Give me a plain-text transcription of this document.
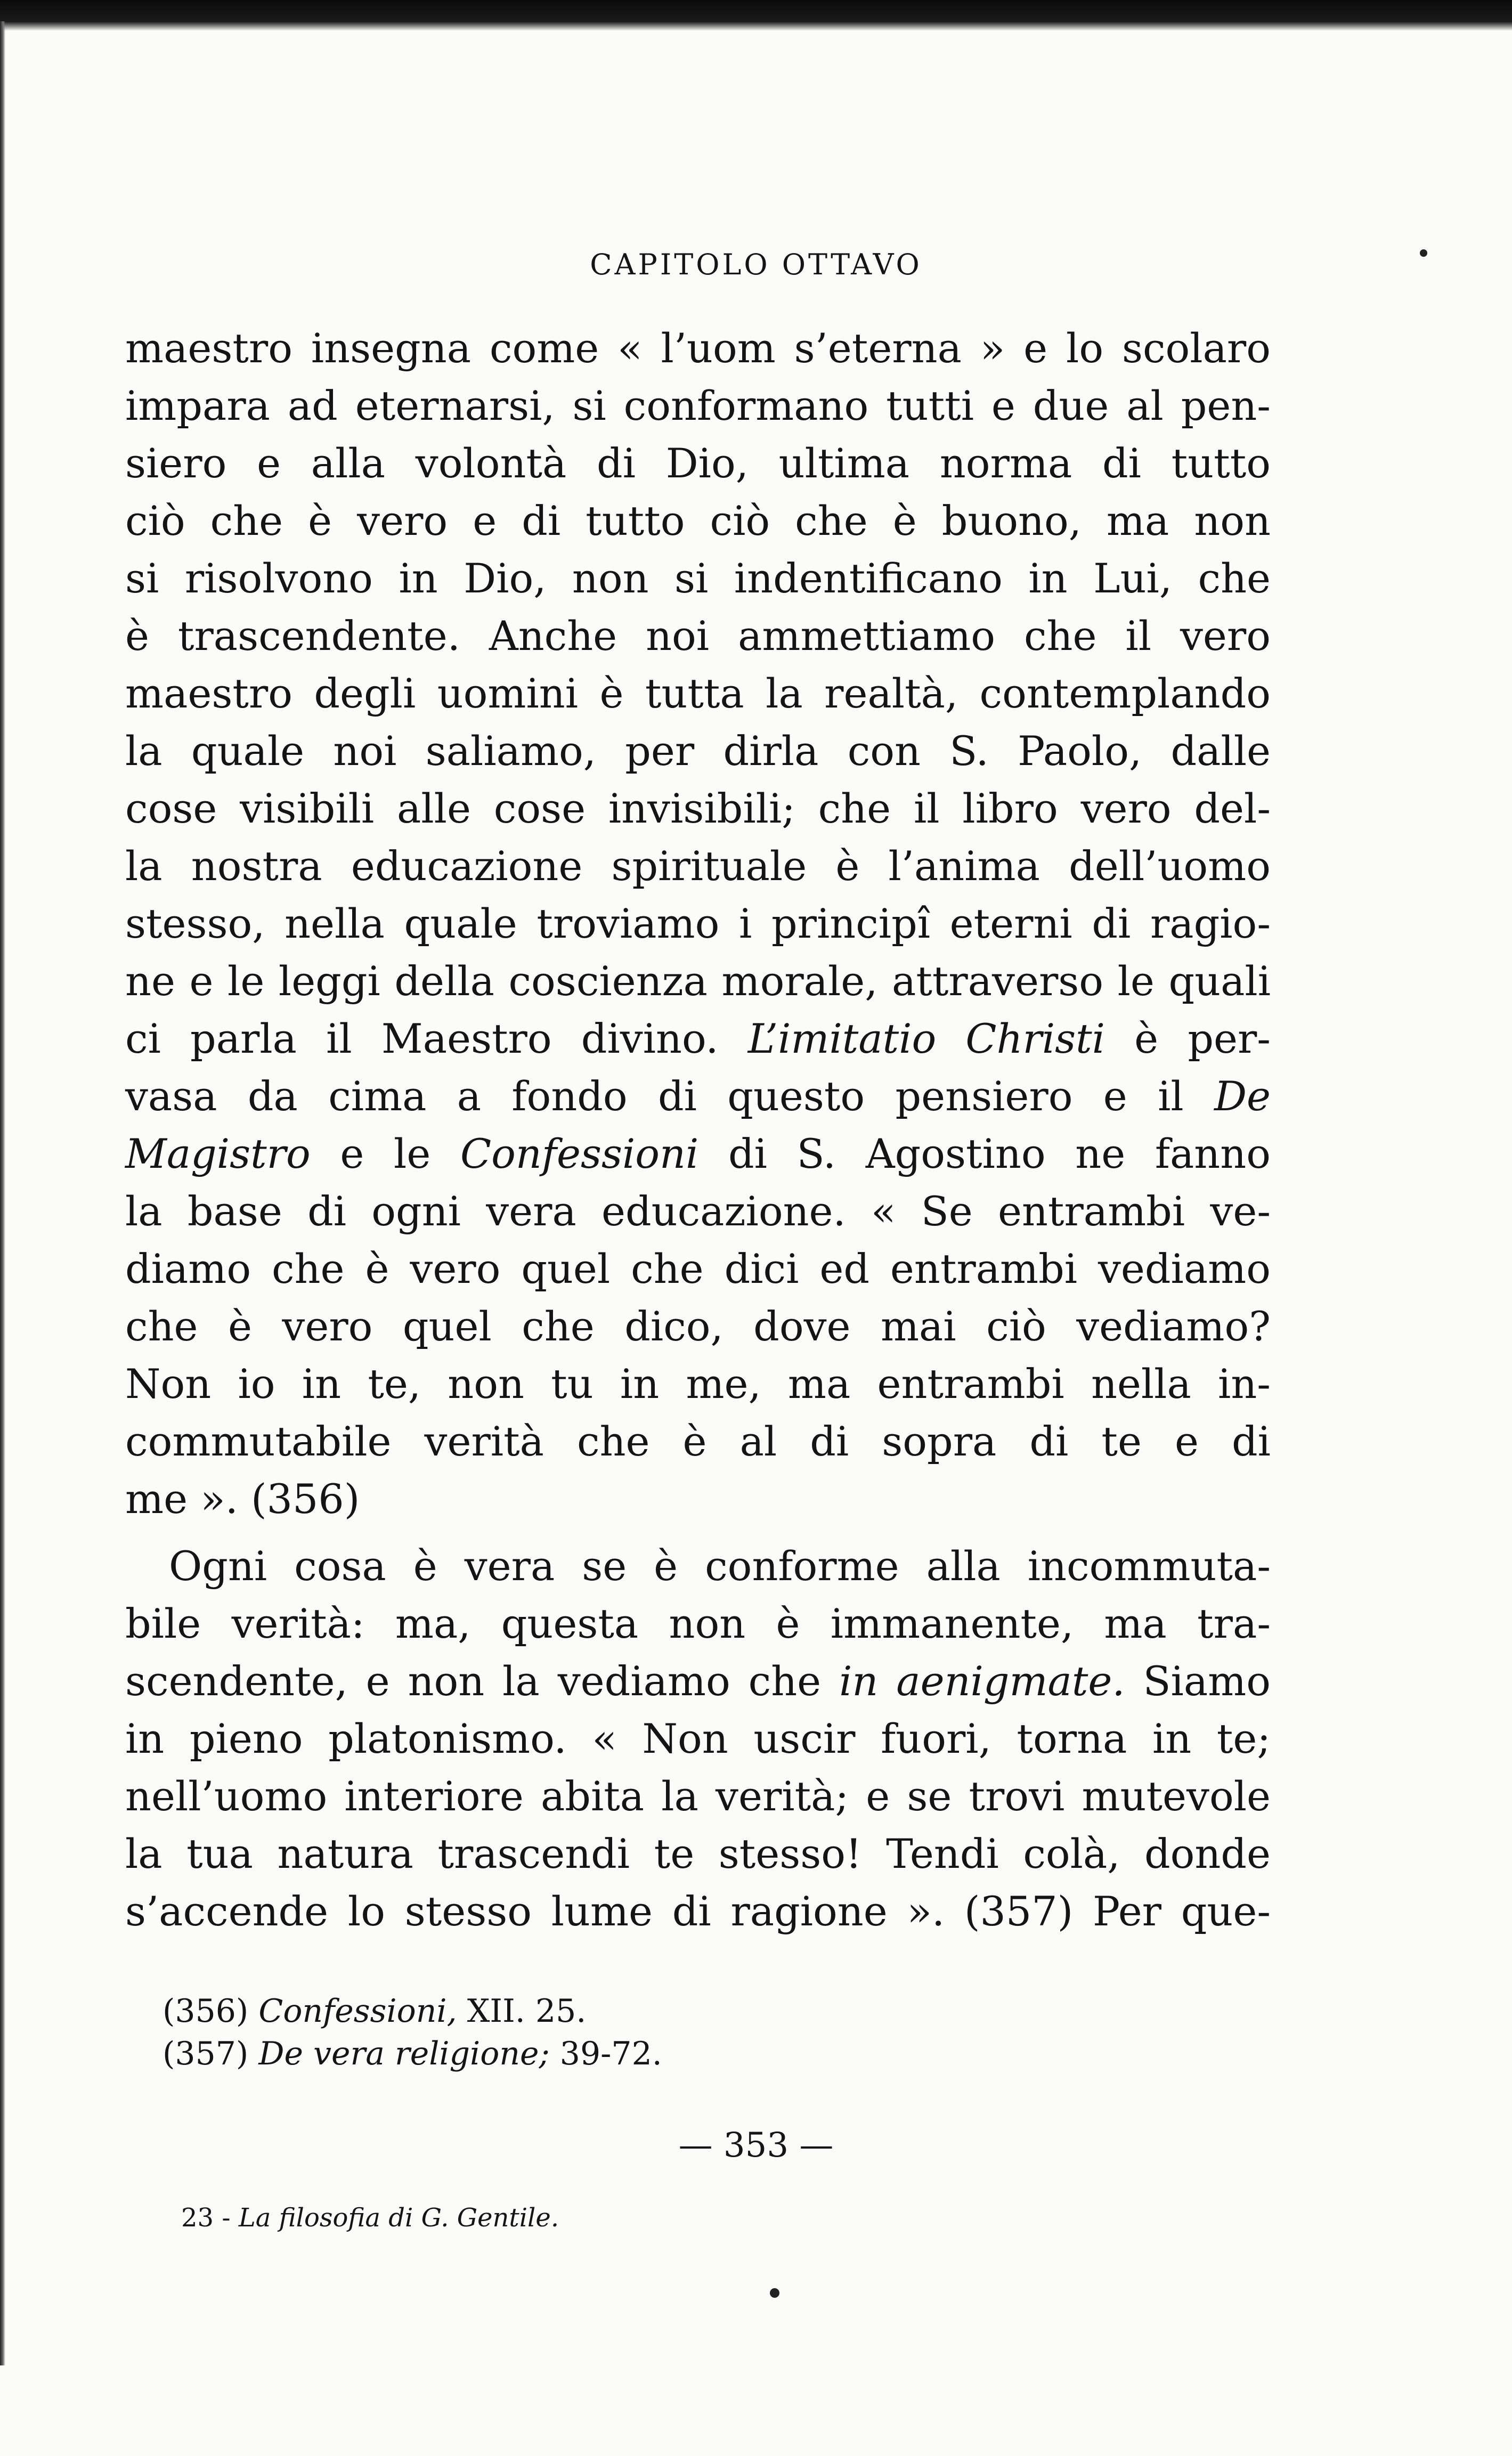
CAPITOLO OTTAVO
maestro insegna come « l’uom s’eterna » e lo scolaro
impara ad eternarsi, si conformano tutti e due al pen-
siero e alla volontà di Dio, ultima norma di tutto
ciò che è vero e di tutto ciò che è buono, ma non
si risolvono in Dio, non si indentificano in Lui, che
è trascendente. Anche noi ammettiamo che il vero
maestro degli uomini è tutta la realtà, contemplando
la quale noi saliamo, per dirla con S. Paolo, dalle
cose visibili alle cose invisibili; che il libro vero del-
la nostra educazione spirituale è l’anima dell’uomo
stesso, nella quale troviamo i principî eterni di ragio-
ne e le leggi della coscienza morale, attraverso le quali
ci parla il Maestro divino. L’imitatio Christi è per-
vasa da cima a fondo di questo pensiero e il De
Magistro e le Confessioni di S. Agostino ne fanno
la base di ogni vera educazione. « Se entrambi ve-
diamo che è vero quel che dici ed entrambi vediamo
che è vero quel che dico, dove mai ciò vediamo?
Non io in te, non tu in me, ma entrambi nella in-
commutabile verità che è al di sopra di te e di
me ». (356)
Ogni cosa è vera se è conforme alla incommuta-
bile verità: ma, questa non è immanente, ma tra-
scendente, e non la vediamo che in aenigmate. Siamo
in pieno platonismo. « Non uscir fuori, torna in te;
nell’uomo interiore abita la verità; e se trovi mutevole
la tua natura trascendi te stesso! Tendi colà, donde
s’accende lo stesso lume di ragione ». (357) Per que-
(356) Confessioni, XII. 25.
(357) De vera religione; 39-72.
— 353 —
23 - La filosofia di G. Gentile.
